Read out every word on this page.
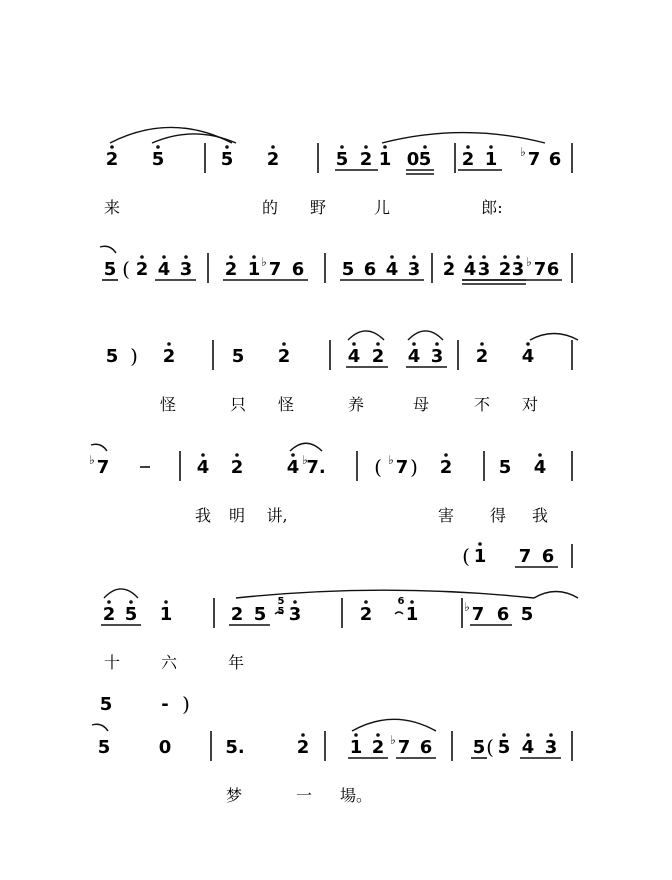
2 5	5 2	5 2 1 0 5 2 1 7
♭ 6
来	的 野	儿	郎:
5 2 4 3 2 1 7
♭ 6 5 6 4 3 2 4 3 2 3 7
♭ 6
(
5 2	5 2	4 2 4 3 2 4
)
怪	只 怪	养	母	不 对
7
♭	4 2 4 7.
♭	7
♭	2	5 4
( )
我 明 讲,	害 得 我
( 1 7 6
2 5 1	2 5 3	2 1	7
♭ 6 5
5
5
6
十	六	年
5	- )
5	0	5.	2 1 2 7
♭ 6 5 5 4 3
(
梦	一 場。
